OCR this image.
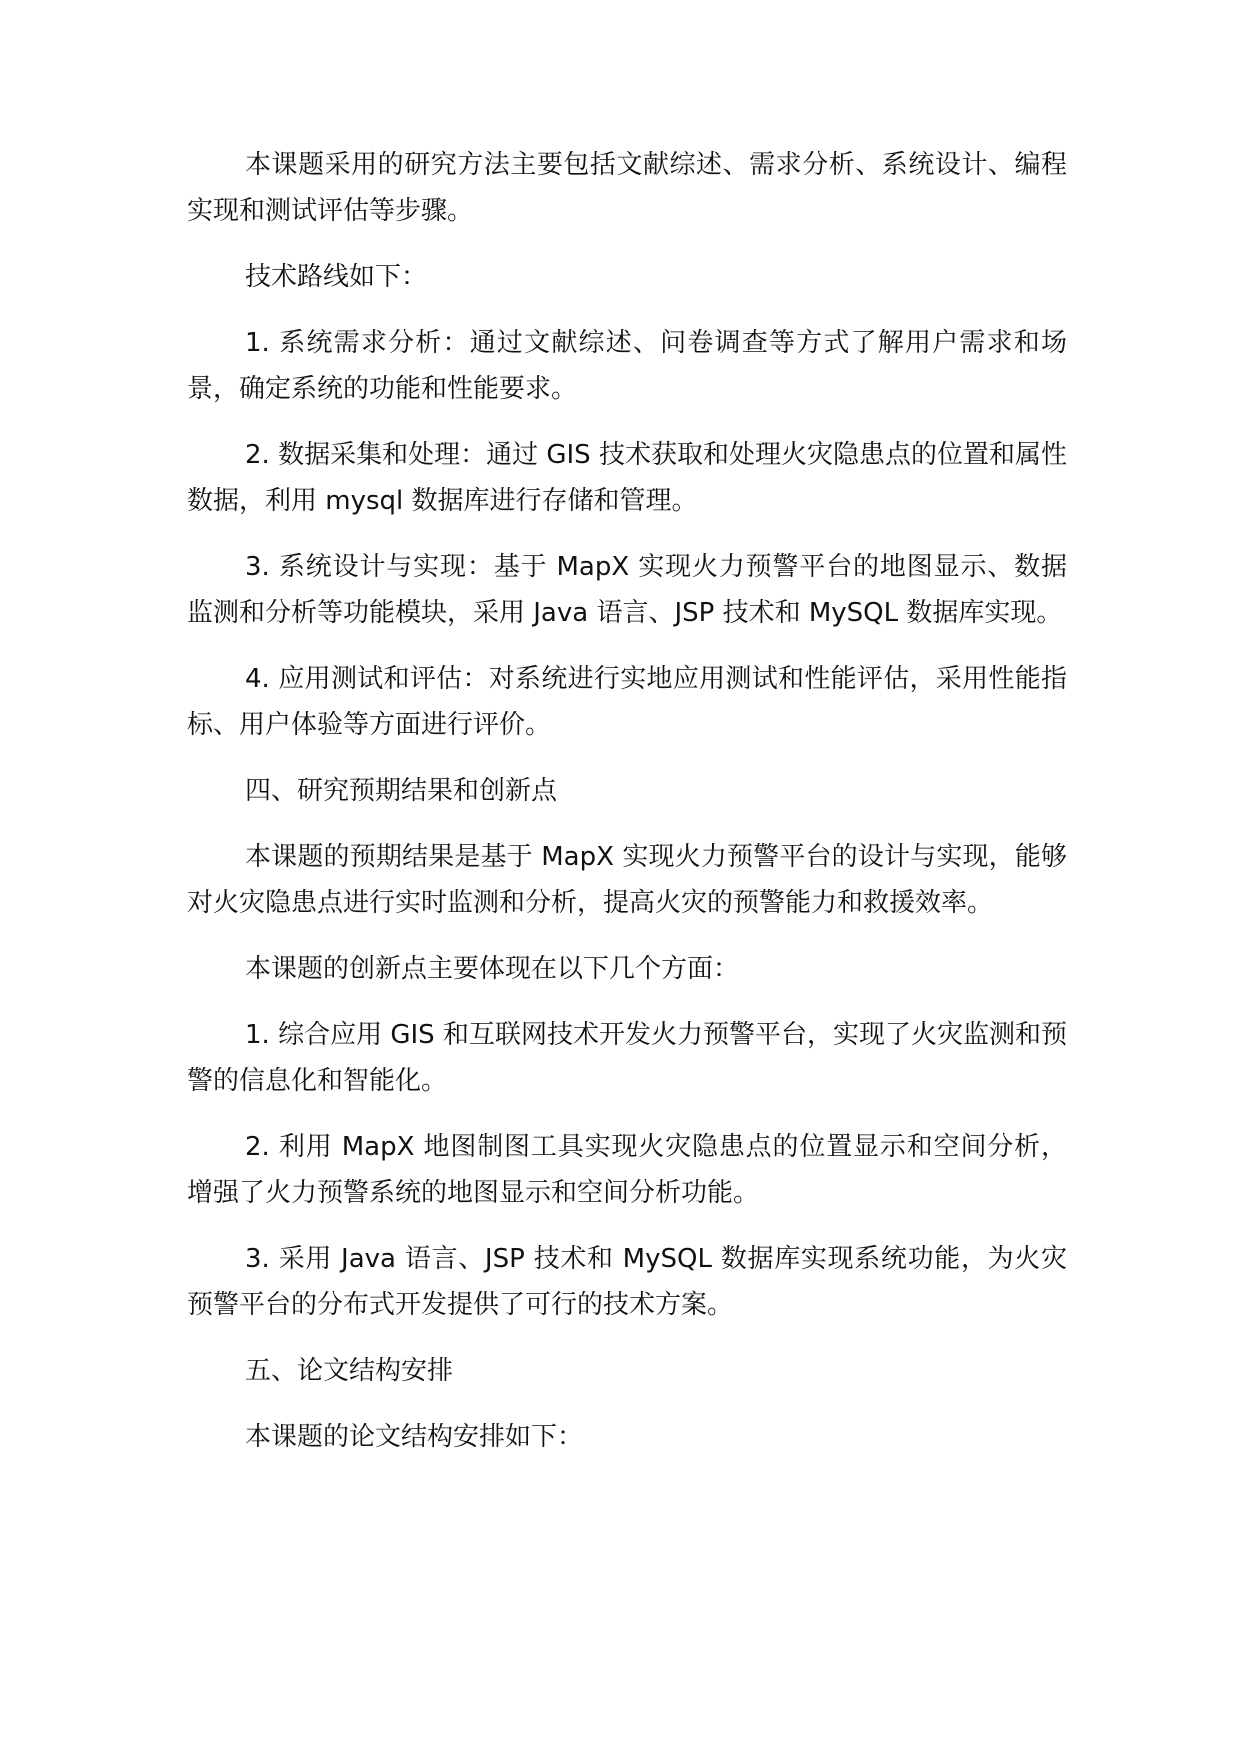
本课题采用的研究方法主要包括文献综述、需求分析、系统设计、编程实现和测试评估等步骤。

技术路线如下：

1. 系统需求分析：通过文献综述、问卷调查等方式了解用户需求和场景，确定系统的功能和性能要求。

2. 数据采集和处理：通过 GIS 技术获取和处理火灾隐患点的位置和属性数据，利用 mysql 数据库进行存储和管理。

3. 系统设计与实现：基于 MapX 实现火力预警平台的地图显示、数据监测和分析等功能模块，采用 Java 语言、JSP 技术和 MySQL 数据库实现。

4. 应用测试和评估：对系统进行实地应用测试和性能评估，采用性能指标、用户体验等方面进行评价。

四、研究预期结果和创新点

本课题的预期结果是基于 MapX 实现火力预警平台的设计与实现，能够对火灾隐患点进行实时监测和分析，提高火灾的预警能力和救援效率。

本课题的创新点主要体现在以下几个方面：

1. 综合应用 GIS 和互联网技术开发火力预警平台，实现了火灾监测和预警的信息化和智能化。

2. 利用 MapX 地图制图工具实现火灾隐患点的位置显示和空间分析，增强了火力预警系统的地图显示和空间分析功能。

3. 采用 Java 语言、JSP 技术和 MySQL 数据库实现系统功能，为火灾预警平台的分布式开发提供了可行的技术方案。

五、论文结构安排

本课题的论文结构安排如下：
